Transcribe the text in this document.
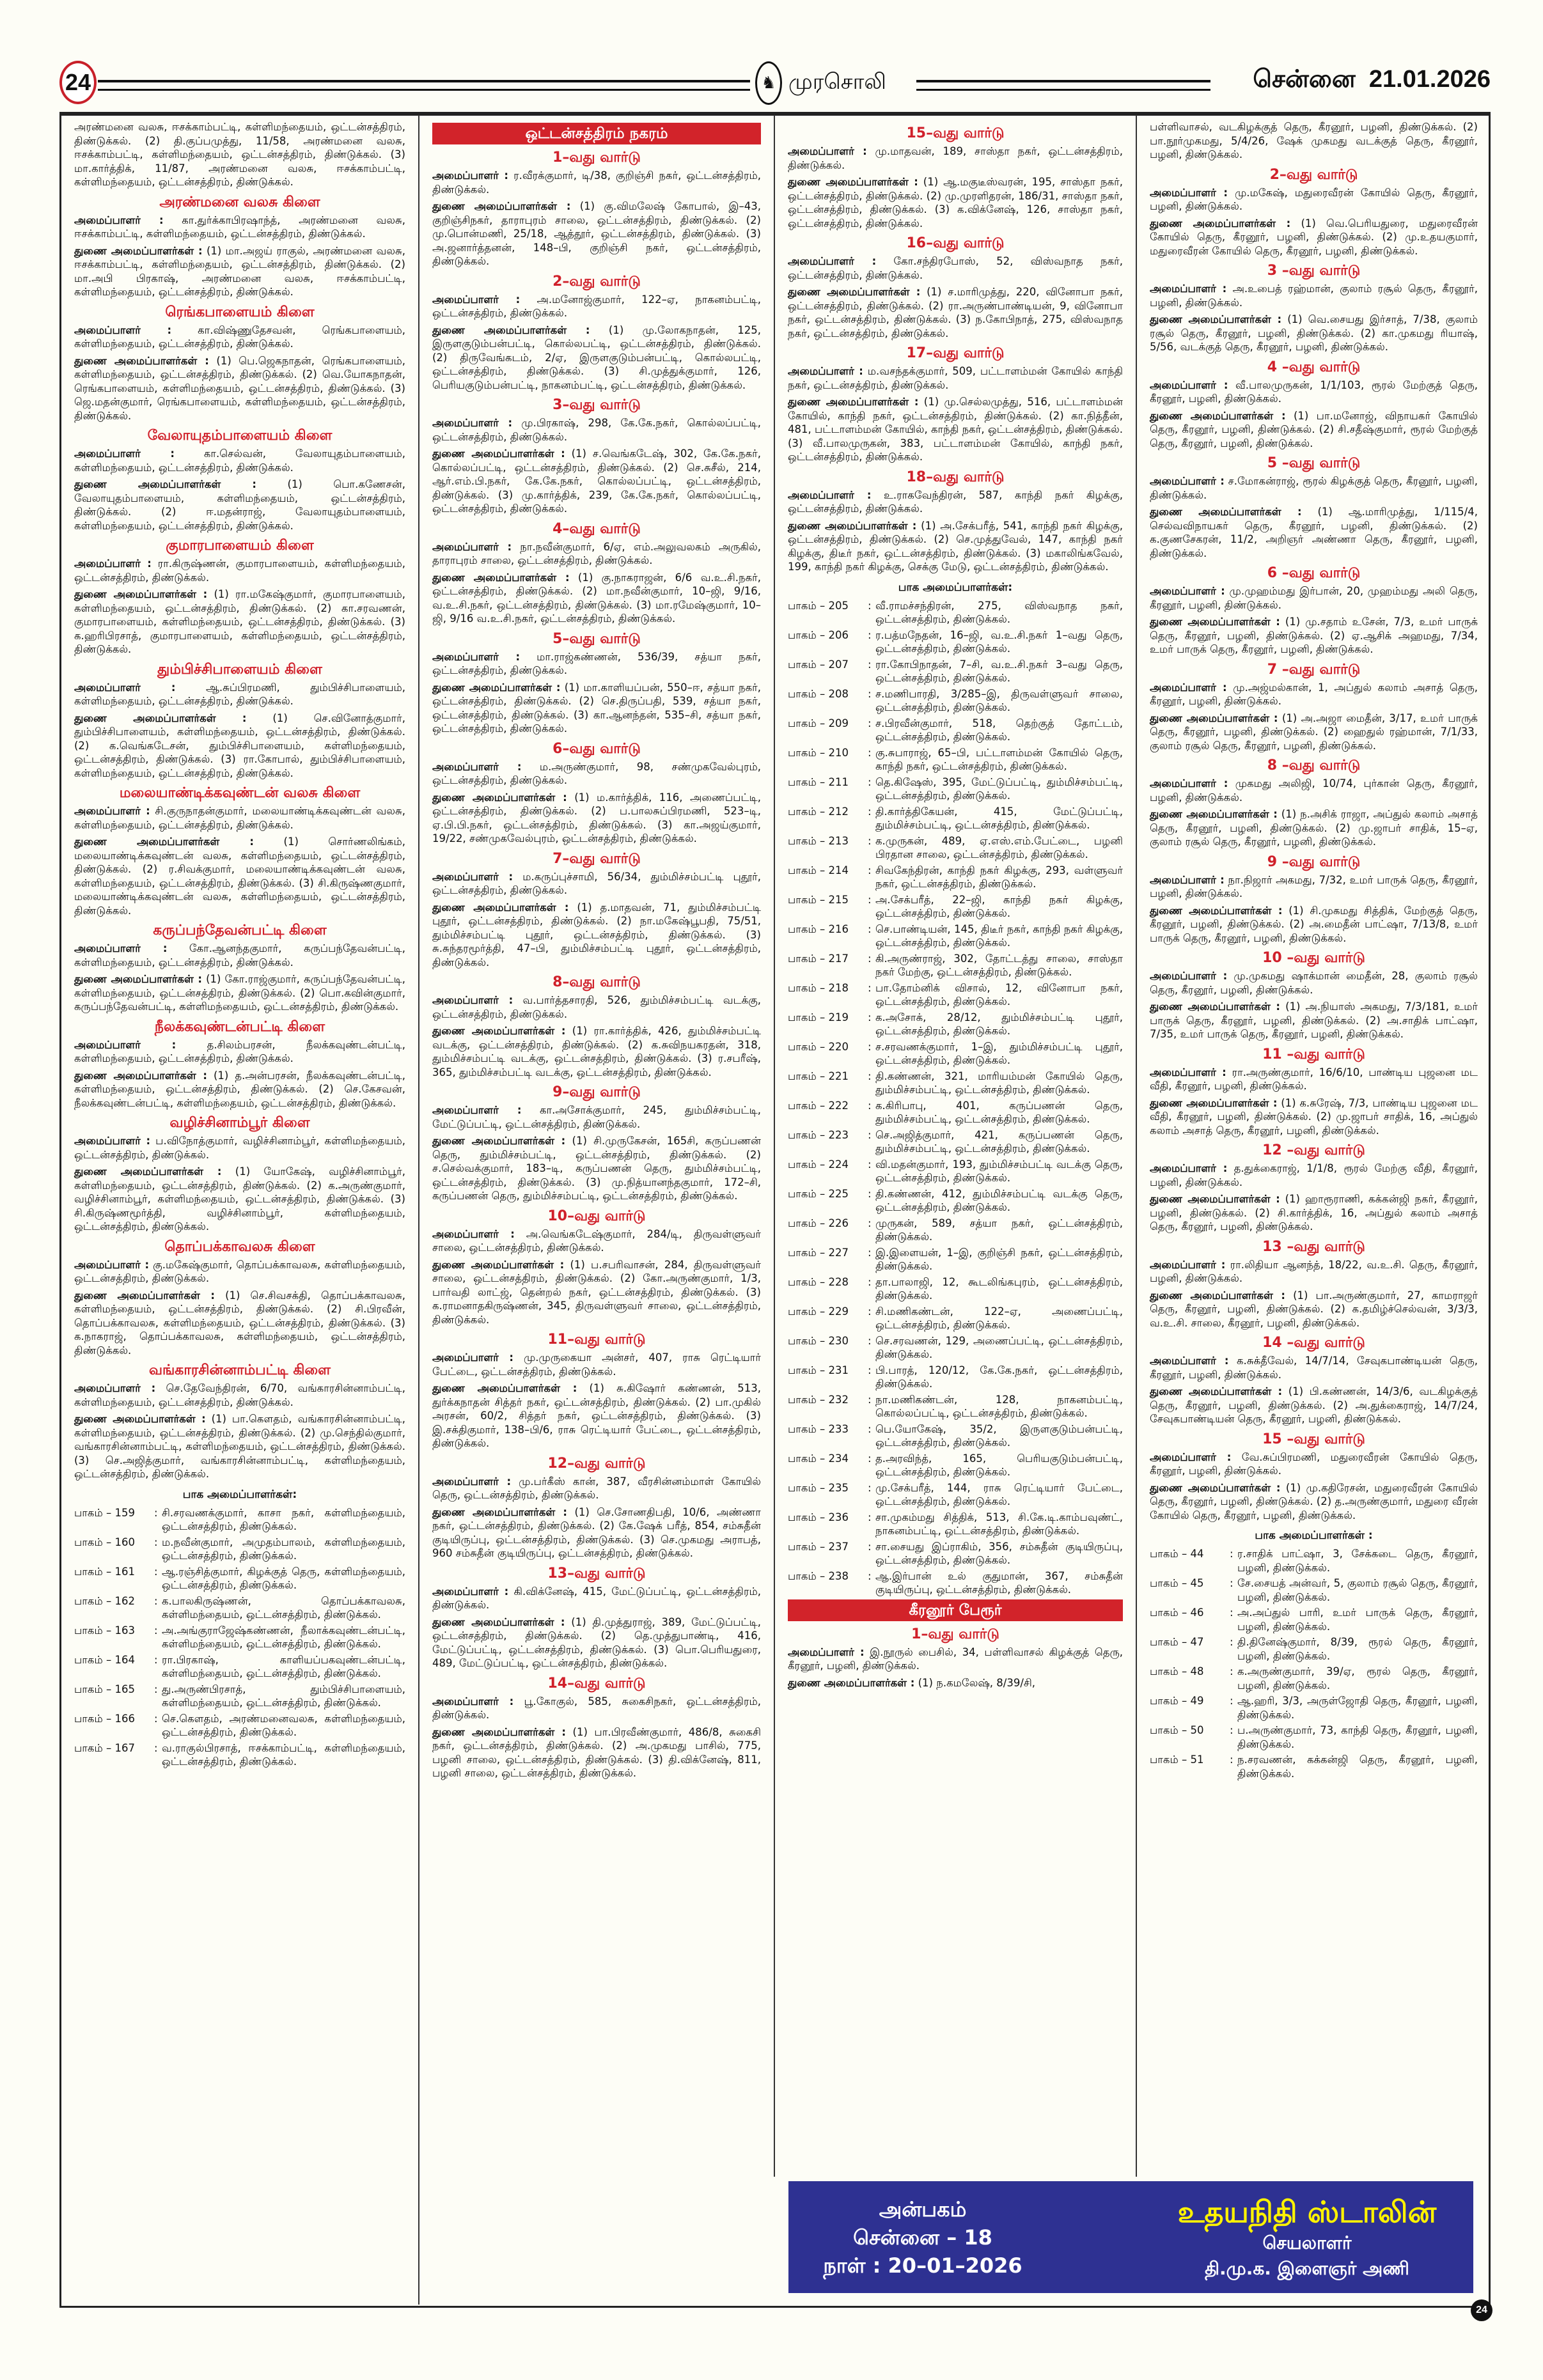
24	♞ முரசொலி	சென்னை 21.01.2026

அரண்மனை வலசு, ஈசக்காம்பட்டி, கள்ளிமந்தையம், ஒட்டன்சத்திரம், திண்டுக்கல். (2) தி.குப்பமுத்து, 11/58, அரண்மனை வலசு, ஈசக்காம்பட்டி, கள்ளிமந்தையம், ஒட்டன்சத்திரம், திண்டுக்கல். (3) மா.கார்த்திக், 11/87, அரண்மனை வலசு, ஈசக்காம்பட்டி, கள்ளிமந்தையம், ஒட்டன்சத்திரம், திண்டுக்கல்.

அரண்மனை வலசு கிளை

அமைப்பாளர் : கா.துர்க்காபிரஷாந்த், அரண்மனை வலசு, ஈசக்காம்பட்டி, கள்ளிமந்தையம், ஒட்டன்சத்திரம், திண்டுக்கல்.

துணை அமைப்பாளர்கள் : (1) மா.அஜய் ராகுல், அரண்மனை வலசு, ஈசக்காம்பட்டி, கள்ளிமந்தையம், ஒட்டன்சத்திரம், திண்டுக்கல். (2) மா.அபி பிரகாஷ், அரண்மனை வலசு, ஈசக்காம்பட்டி, கள்ளிமந்தையம், ஒட்டன்சத்திரம், திண்டுக்கல்.

ரெங்கபாளையம் கிளை

அமைப்பாளர் : கா.விஷ்ணுதேசவன், ரெங்கபாளையம், கள்ளிமந்தையம், ஒட்டன்சத்திரம், திண்டுக்கல்.

துணை அமைப்பாளர்கள் : (1) பெ.ஜெகநாதன், ரெங்கபாளையம், கள்ளிமந்தையம், ஒட்டன்சத்திரம், திண்டுக்கல். (2) வெ.யோகநாதன், ரெங்கபாளையம், கள்ளிமந்தையம், ஒட்டன்சத்திரம், திண்டுக்கல். (3) ஜெ.மதன்குமார், ரெங்கபாளையம், கள்ளிமந்தையம், ஒட்டன்சத்திரம், திண்டுக்கல்.

வேலாயுதம்பாளையம் கிளை

அமைப்பாளர் :	கா.செல்வன், வேலாயுதம்பாளையம், கள்ளிமந்தையம், ஒட்டன்சத்திரம், திண்டுக்கல்.

துணை அமைப்பாளர்கள் :	(1) பொ.கணேசன், வேலாயுதம்பாளையம், கள்ளிமந்தையம், ஒட்டன்சத்திரம், திண்டுக்கல். (2) ஈ.மதன்ராஜ், வேலாயுதம்பாளையம், கள்ளிமந்தையம், ஒட்டன்சத்திரம், திண்டுக்கல்.

குமாரபாளையம் கிளை

அமைப்பாளர் : ரா.கிருஷ்ணன், குமாரபாளையம், கள்ளிமந்தையம், ஒட்டன்சத்திரம், திண்டுக்கல்.

துணை அமைப்பாளர்கள் : (1) ரா.மகேஷ்குமார், குமாரபாளையம், கள்ளிமந்தையம், ஒட்டன்சத்திரம், திண்டுக்கல். (2) கா.சரவணன், குமாரபாளையம், கள்ளிமந்தையம், ஒட்டன்சத்திரம், திண்டுக்கல். (3) க.ஹரிபிரசாத், குமாரபாளையம், கள்ளிமந்தையம், ஒட்டன்சத்திரம், திண்டுக்கல்.

தும்பிச்சிபாளையம் கிளை

அமைப்பாளர் :	ஆ.சுப்பிரமணி, தும்பிச்சிபாளையம், கள்ளிமந்தையம், ஒட்டன்சத்திரம், திண்டுக்கல்.

துணை அமைப்பாளர்கள் : (1) செ.வினோத்குமார், தும்பிச்சிபாளையம், கள்ளிமந்தையம், ஒட்டன்சத்திரம், திண்டுக்கல். (2) க.வெங்கடேசன், தும்பிச்சிபாளையம், கள்ளிமந்தையம், ஒட்டன்சத்திரம், திண்டுக்கல். (3) ரா.கோபால், தும்பிச்சிபாளையம், கள்ளிமந்தையம், ஒட்டன்சத்திரம், திண்டுக்கல்.

மலையாண்டிக்கவுண்டன் வலசு கிளை

அமைப்பாளர் : சி.குருநாதன்குமார், மலையாண்டிக்கவுண்டன் வலசு, கள்ளிமந்தையம், ஒட்டன்சத்திரம், திண்டுக்கல்.

துணை அமைப்பாளர்கள் :	(1) சொர்ணலிங்கம், மலையாண்டிக்கவுண்டன் வலசு, கள்ளிமந்தையம், ஒட்டன்சத்திரம், திண்டுக்கல். (2) ர.சிவக்குமார், மலையாண்டிக்கவுண்டன் வலசு, கள்ளிமந்தையம், ஒட்டன்சத்திரம், திண்டுக்கல். (3) சி.கிருஷ்ணகுமார், மலையாண்டிக்கவுண்டன் வலசு, கள்ளிமந்தையம், ஒட்டன்சத்திரம், திண்டுக்கல்.

கருப்பந்தேவன்பட்டி கிளை

அமைப்பாளர் : கோ.ஆனந்தகுமார், கருப்பந்தேவன்பட்டி, கள்ளிமந்தையம், ஒட்டன்சத்திரம், திண்டுக்கல்.

துணை அமைப்பாளர்கள் : (1) கோ.ராஜ்குமார், கருப்பந்தேவன்பட்டி, கள்ளிமந்தையம், ஒட்டன்சத்திரம், திண்டுக்கல். (2) பொ.கவின்குமார், கருப்பந்தேவன்பட்டி, கள்ளிமந்தையம், ஒட்டன்சத்திரம், திண்டுக்கல்.

நீலக்கவுண்டன்பட்டி கிளை

அமைப்பாளர் :	த.சிலம்பரசன், நீலக்கவுண்டன்பட்டி, கள்ளிமந்தையம், ஒட்டன்சத்திரம், திண்டுக்கல்.

துணை அமைப்பாளர்கள் : (1) த.அன்பரசன், நீலக்கவுண்டன்பட்டி, கள்ளிமந்தையம், ஒட்டன்சத்திரம், திண்டுக்கல். (2) செ.கேசவன், நீலக்கவுண்டன்பட்டி, கள்ளிமந்தையம், ஒட்டன்சத்திரம், திண்டுக்கல்.

வழிச்சினாம்பூர் கிளை

அமைப்பாளர் : ப.விநோத்குமார், வழிச்சினாம்பூர், கள்ளிமந்தையம், ஒட்டன்சத்திரம், திண்டுக்கல்.

துணை அமைப்பாளர்கள் : (1) யோகேஷ், வழிச்சினாம்பூர், கள்ளிமந்தையம், ஒட்டன்சத்திரம், திண்டுக்கல். (2) க.அருண்குமார், வழிச்சினாம்பூர், கள்ளிமந்தையம், ஒட்டன்சத்திரம், திண்டுக்கல். (3) சி.கிருஷ்ணமூர்த்தி, வழிச்சினாம்பூர், கள்ளிமந்தையம், ஒட்டன்சத்திரம், திண்டுக்கல்.

தொப்பக்காவலசு கிளை

அமைப்பாளர் : கு.மகேஷ்குமார், தொப்பக்காவலசு, கள்ளிமந்தையம், ஒட்டன்சத்திரம், திண்டுக்கல்.

துணை அமைப்பாளர்கள் : (1) செ.சிவசக்தி, தொப்பக்காவலசு, கள்ளிமந்தையம், ஒட்டன்சத்திரம், திண்டுக்கல். (2) சி.பிரவீன், தொப்பக்காவலசு, கள்ளிமந்தையம், ஒட்டன்சத்திரம், திண்டுக்கல். (3) க.நாகராஜ், தொப்பக்காவலசு, கள்ளிமந்தையம், ஒட்டன்சத்திரம், திண்டுக்கல்.

வங்காரசின்னாம்பட்டி கிளை

அமைப்பாளர் : செ.தேவேந்திரன், 6/70, வங்காரசின்னாம்பட்டி, கள்ளிமந்தையம், ஒட்டன்சத்திரம், திண்டுக்கல்.

துணை அமைப்பாளர்கள் : (1) பா.கௌதம், வங்காரசின்னாம்பட்டி, கள்ளிமந்தையம், ஒட்டன்சத்திரம், திண்டுக்கல். (2) மு.செந்தில்குமார், வங்காரசின்னாம்பட்டி, கள்ளிமந்தையம், ஒட்டன்சத்திரம், திண்டுக்கல். (3) செ.அஜித்குமார், வங்காரசின்னாம்பட்டி, கள்ளிமந்தையம், ஒட்டன்சத்திரம், திண்டுக்கல்.

பாக அமைப்பாளர்கள்:
பாகம் – 159	: சி.சரவணக்குமார், காசா நகர், கள்ளிமந்தையம், ஒட்டன்சத்திரம், திண்டுக்கல்.
பாகம் – 160	: ம.நவீன்குமார், அமுதம்பாலம், கள்ளிமந்தையம், ஒட்டன்சத்திரம், திண்டுக்கல்.
பாகம் – 161	: ஆ.ரஞ்சித்குமார், கிழக்குத் தெரு, கள்ளிமந்தையம், ஒட்டன்சத்திரம், திண்டுக்கல்.
பாகம் – 162	: க.பாலகிருஷ்ணன், தொப்பக்காவலசு, கள்ளிமந்தையம், ஒட்டன்சத்திரம், திண்டுக்கல்.
பாகம் – 163	: அ.அங்குராஜேஷ்கண்ணன், நீலாக்கவுண்டன்பட்டி, கள்ளிமந்தையம், ஒட்டன்சத்திரம், திண்டுக்கல்.
பாகம் – 164	: ரா.பிரகாஷ், காளியப்பகவுண்டன்பட்டி, கள்ளிமந்தையம், ஒட்டன்சத்திரம், திண்டுக்கல்.
பாகம் – 165	: து.அருண்பிரசாத், தும்பிச்சிபாளையம், கள்ளிமந்தையம், ஒட்டன்சத்திரம், திண்டுக்கல்.
பாகம் – 166	: செ.கௌதம், அரண்மனைவலசு, கள்ளிமந்தையம், ஒட்டன்சத்திரம், திண்டுக்கல்.
பாகம் – 167	: வ.ராகுல்பிரசாத், ஈசக்காம்பட்டி, கள்ளிமந்தையம், ஒட்டன்சத்திரம், திண்டுக்கல்.
ஒட்டன்சத்திரம் நகரம்
1–வது வார்டு

அமைப்பாளர் : ர.வீரக்குமார், டி/38, குறிஞ்சி நகர், ஒட்டன்சத்திரம், திண்டுக்கல்.

துணை அமைப்பாளர்கள் : (1) கு.விமலேஷ் கோபால், இ–43, குறிஞ்சிநகர், தாராபுரம் சாலை, ஒட்டன்சத்திரம், திண்டுக்கல். (2) மு.பொன்மணி, 25/18, ஆத்தூர், ஒட்டன்சத்திரம், திண்டுக்கல். (3) அ.ஜனார்த்தனன், 148–பி, குறிஞ்சி நகர், ஒட்டன்சத்திரம், திண்டுக்கல்.

2–வது வார்டு

அமைப்பாளர் : அ.மனோஜ்குமார், 122–ஏ, நாகனம்பட்டி, ஒட்டன்சத்திரம், திண்டுக்கல்.

துணை அமைப்பாளர்கள் : (1) மு.லோகநாதன், 125, இருளகுடும்பன்பட்டி, கொல்லபட்டி, ஒட்டன்சத்திரம், திண்டுக்கல். (2) திருவேங்கடம், 2/ஏ, இருளகுடும்பன்பட்டி, கொல்லபட்டி, ஒட்டன்சத்திரம், திண்டுக்கல். (3) சி.முத்துக்குமார், 126, பெரியகுடும்பன்பட்டி, நாகனம்பட்டி, ஒட்டன்சத்திரம், திண்டுக்கல்.

3–வது வார்டு

அமைப்பாளர் : மு.பிரகாஷ், 298, கே.கே.நகர், கொல்லப்பட்டி, ஒட்டன்சத்திரம், திண்டுக்கல்.

துணை அமைப்பாளர்கள் : (1) ச.வெங்கடேஷ், 302, கே.கே.நகர், கொல்லப்பட்டி, ஒட்டன்சத்திரம், திண்டுக்கல். (2) செ.சுசீல், 214, ஆர்.எம்.பி.நகர், கே.கே.நகர், கொல்லப்பட்டி, ஒட்டன்சத்திரம், திண்டுக்கல். (3) மு.கார்த்திக், 239, கே.கே.நகர், கொல்லப்பட்டி, ஒட்டன்சத்திரம், திண்டுக்கல்.

4–வது வார்டு

அமைப்பாளர் : நா.நவீன்குமார், 6/ஏ, எம்.அலுவலகம் அருகில், தாராபுரம் சாலை, ஒட்டன்சத்திரம், திண்டுக்கல்.

துணை அமைப்பாளர்கள் : (1) கு.நாகராஜன், 6/6 வ.உ.சி.நகர், ஒட்டன்சத்திரம், திண்டுக்கல். (2) மா.நவீன்குமார், 10–ஜி, 9/16, வ.உ.சி.நகர், ஒட்டன்சத்திரம், திண்டுக்கல். (3) மா.ரமேஷ்குமார், 10–ஜி, 9/16 வ.உ.சி.நகர், ஒட்டன்சத்திரம், திண்டுக்கல்.

5–வது வார்டு

அமைப்பாளர் : மா.ராஜ்கண்ணன், 536/39, சத்யா நகர், ஒட்டன்சத்திரம், திண்டுக்கல்.

துணை அமைப்பாளர்கள் : (1) மா.காளியப்பன், 550–ஈ, சத்யா நகர், ஒட்டன்சத்திரம், திண்டுக்கல். (2) செ.திருப்பதி, 539, சத்யா நகர், ஒட்டன்சத்திரம், திண்டுக்கல். (3) கா.ஆனந்தன், 535–சி, சத்யா நகர், ஒட்டன்சத்திரம், திண்டுக்கல்.

6–வது வார்டு

அமைப்பாளர் : ம.அருண்குமார், 98, சண்முகவேல்புரம், ஒட்டன்சத்திரம், திண்டுக்கல்.

துணை அமைப்பாளர்கள் : (1) ம.கார்த்திக், 116, அணைப்பட்டி, ஒட்டன்சத்திரம், திண்டுக்கல். (2) ப.பாலசுப்பிரமணி, 523–டி, ஏ.பி.பி.நகர், ஒட்டன்சத்திரம், திண்டுக்கல். (3) கா.அஜய்குமார், 19/22, சண்முகவேல்புரம், ஒட்டன்சத்திரம், திண்டுக்கல்.

7–வது வார்டு

அமைப்பாளர் : ம.கருப்புச்சாமி, 56/34, தும்மிச்சம்பட்டி புதூர், ஒட்டன்சத்திரம், திண்டுக்கல்.

துணை அமைப்பாளர்கள் : (1) த.மாதவன், 71, தும்மிச்சம்பட்டி புதூர், ஒட்டன்சத்திரம், திண்டுக்கல். (2) நா.மகேஷ்பூபதி, 75/51, தும்மிச்சம்பட்டி புதூர், ஒட்டன்சத்திரம், திண்டுக்கல். (3) சு.சுந்தரமூர்த்தி, 47–பி, தும்மிச்சம்பட்டி புதூர், ஒட்டன்சத்திரம், திண்டுக்கல்.

8–வது வார்டு

அமைப்பாளர் : வ.பார்த்தசாரதி, 526, தும்மிச்சம்பட்டி வடக்கு, ஒட்டன்சத்திரம், திண்டுக்கல்.

துணை அமைப்பாளர்கள் : (1) ரா.கார்த்திக், 426, தும்மிச்சம்பட்டி வடக்கு, ஒட்டன்சத்திரம், திண்டுக்கல். (2) க.சுவிநயகரதன், 318, தும்மிச்சம்பட்டி வடக்கு, ஒட்டன்சத்திரம், திண்டுக்கல். (3) ர.சபரீஷ், 365, தும்மிச்சம்பட்டி வடக்கு, ஒட்டன்சத்திரம், திண்டுக்கல்.

9–வது வார்டு

அமைப்பாளர் : கா.அசோக்குமார், 245, தும்மிச்சம்பட்டி, மேட்டுப்பட்டி, ஒட்டன்சத்திரம், திண்டுக்கல்.

துணை அமைப்பாளர்கள் : (1) சி.முருகேசன், 165சி, கருப்பணன் தெரு, தும்மிச்சம்பட்டி, ஒட்டன்சத்திரம், திண்டுக்கல். (2) ச.செல்வக்குமார், 183–டி, கருப்பணன் தெரு, தும்மிச்சம்பட்டி, ஒட்டன்சத்திரம், திண்டுக்கல். (3) மு.நித்யானந்தகுமார், 172–சி, கருப்பணன் தெரு, தும்மிச்சம்பட்டி, ஒட்டன்சத்திரம், திண்டுக்கல்.

10–வது வார்டு

அமைப்பாளர் : அ.வெங்கடேஷ்குமார், 284/டி, திருவள்ளுவர் சாலை, ஒட்டன்சத்திரம், திண்டுக்கல்.

துணை அமைப்பாளர்கள் : (1) ப.சபரிவாசன், 284, திருவள்ளுவர் சாலை, ஒட்டன்சத்திரம், திண்டுக்கல். (2) கோ.அருண்குமார், 1/3, பார்வதி லாட்ஜ், தென்றல் நகர், ஒட்டன்சத்திரம், திண்டுக்கல். (3) க.ராமனாதகிருஷ்ணன், 345, திருவள்ளுவர் சாலை, ஒட்டன்சத்திரம், திண்டுக்கல்.

11–வது வார்டு

அமைப்பாளர் : மு.முருகையா அன்சர், 407, ராசு ரெட்டியார் பேட்டை, ஒட்டன்சத்திரம், திண்டுக்கல்.

துணை அமைப்பாளர்கள் : (1) சு.கிஷோர் கண்ணன், 513, துர்க்கநாதன் சித்தர் நகர், ஒட்டன்சத்திரம், திண்டுக்கல். (2) பா.முகில் அரசன், 60/2, சித்தர் நகர், ஒட்டன்சத்திரம், திண்டுக்கல். (3) இ.சக்திகுமார், 138–பி/6, ராசு ரெட்டியார் பேட்டை, ஒட்டன்சத்திரம், திண்டுக்கல்.

12–வது வார்டு

அமைப்பாளர் : மு.பர்கீஸ் கான், 387, வீரசின்னம்மாள் கோயில் தெரு, ஒட்டன்சத்திரம், திண்டுக்கல்.

துணை அமைப்பாளர்கள் : (1) செ.சோணதிபதி, 10/6, அண்ணா நகர், ஒட்டன்சத்திரம், திண்டுக்கல். (2) கே.ஷேக் பரீத், 854, சம்சுதீன் குடியிருப்பு, ஒட்டன்சத்திரம், திண்டுக்கல். (3) செ.முகமது அராபத், 960 சம்சுதீன் குடியிருப்பு, ஒட்டன்சத்திரம், திண்டுக்கல்.

13–வது வார்டு

அமைப்பாளர் : கி.விக்னேஷ், 415, மேட்டுப்பட்டி, ஒட்டன்சத்திரம், திண்டுக்கல்.

துணை அமைப்பாளர்கள் : (1) தி.முத்துராஜ், 389, மேட்டுப்பட்டி, ஒட்டன்சத்திரம், திண்டுக்கல். (2) தெ.முத்துபாண்டி, 416, மேட்டுப்பட்டி, ஒட்டன்சத்திரம், திண்டுக்கல். (3) பொ.பெரியதுரை, 489, மேட்டுப்பட்டி, ஒட்டன்சத்திரம், திண்டுக்கல்.

14–வது வார்டு

அமைப்பாளர் : பூ.கோகுல், 585, சுகைசிநகர், ஒட்டன்சத்திரம், திண்டுக்கல்.

துணை அமைப்பாளர்கள் : (1) பா.பிரவீண்குமார், 486/8, சுகைசி நகர், ஒட்டன்சத்திரம், திண்டுக்கல். (2) அ.முகமது பாசில், 775, பழனி சாலை, ஒட்டன்சத்திரம், திண்டுக்கல். (3) தி.விக்னேஷ், 811, பழனி சாலை, ஒட்டன்சத்திரம், திண்டுக்கல்.

15–வது வார்டு

அமைப்பாளர் : மு.மாதவன், 189, சாஸ்தா நகர், ஒட்டன்சத்திரம், திண்டுக்கல்.

துணை அமைப்பாளர்கள் : (1) ஆ.மகுடீஸ்வரன், 195, சாஸ்தா நகர், ஒட்டன்சத்திரம், திண்டுக்கல். (2) மு.முரளிதரன், 186/31, சாஸ்தா நகர், ஒட்டன்சத்திரம், திண்டுக்கல். (3) க.விக்னேஷ், 126, சாஸ்தா நகர், ஒட்டன்சத்திரம், திண்டுக்கல்.

16–வது வார்டு

அமைப்பாளர் : கோ.சந்திரபோஸ், 52, விஸ்வநாத நகர், ஒட்டன்சத்திரம், திண்டுக்கல்.

துணை அமைப்பாளர்கள் : (1) ச.மாரிமுத்து, 220, வினோபா நகர், ஒட்டன்சத்திரம், திண்டுக்கல். (2) ரா.அருண்பாண்டியன், 9, வினோபா நகர், ஒட்டன்சத்திரம், திண்டுக்கல். (3) ந.கோபிநாத், 275, விஸ்வநாத நகர், ஒட்டன்சத்திரம், திண்டுக்கல்.

17–வது வார்டு

அமைப்பாளர் : ம.வசந்தக்குமார், 509, பட்டாளம்மன் கோயில் காந்தி நகர், ஒட்டன்சத்திரம், திண்டுக்கல்.

துணை அமைப்பாளர்கள் : (1) மு.செல்லமுத்து, 516, பட்டாளம்மன் கோயில், காந்தி நகர், ஒட்டன்சத்திரம், திண்டுக்கல். (2) கா.நித்தீன், 481, பட்டாளம்மன் கோயில், காந்தி நகர், ஒட்டன்சத்திரம், திண்டுக்கல். (3) வீ.பாலமுருகன், 383, பட்டாளம்மன் கோயில், காந்தி நகர், ஒட்டன்சத்திரம், திண்டுக்கல்.

18–வது வார்டு

அமைப்பாளர் : உ.ராகவேந்திரன், 587, காந்தி நகர் கிழக்கு, ஒட்டன்சத்திரம், திண்டுக்கல்.

துணை அமைப்பாளர்கள் : (1) அ.சேக்பரீத், 541, காந்தி நகர் கிழக்கு, ஒட்டன்சத்திரம், திண்டுக்கல். (2) செ.முத்துவேல், 147, காந்தி நகர் கிழக்கு, திடீர் நகர், ஒட்டன்சத்திரம், திண்டுக்கல். (3) மகாலிங்கவேல், 199, காந்தி நகர் கிழக்கு, செக்கு மேடு, ஒட்டன்சத்திரம், திண்டுக்கல்.

பாக அமைப்பாளர்கள்:
பாகம் – 205	: வீ.ராமச்சந்திரன், 275, விஸ்வநாத நகர், ஒட்டன்சத்திரம், திண்டுக்கல்.
பாகம் – 206	: ர.பத்மநேதன், 16–ஜி, வ.உ.சி.நகர் 1–வது தெரு, ஒட்டன்சத்திரம், திண்டுக்கல்.
பாகம் – 207	: ரா.கோபிநாதன், 7–சி, வ.உ.சி.நகர் 3–வது தெரு, ஒட்டன்சத்திரம், திண்டுக்கல்.
பாகம் – 208	: ச.மணிபாரதி, 3/285–இ, திருவள்ளுவர் சாலை, ஒட்டன்சத்திரம், திண்டுக்கல்.
பாகம் – 209	: ச.பிரவீன்குமார், 518, தெற்குத் தோட்டம், ஒட்டன்சத்திரம், திண்டுக்கல்.
பாகம் – 210	: கு.சுபாராஜ், 65–பி, பட்டாளம்மன் கோயில் தெரு, காந்தி நகர், ஒட்டன்சத்திரம், திண்டுக்கல்.
பாகம் – 211	: தெ.கிஷேஸ், 395, மேட்டுப்பட்டி, தும்மிச்சம்பட்டி, ஒட்டன்சத்திரம், திண்டுக்கல்.
பாகம் – 212	: தி.கார்த்திகேயன், 415, மேட்டுப்பட்டி, தும்மிச்சம்பட்டி, ஒட்டன்சத்திரம், திண்டுக்கல்.
பாகம் – 213	: க.முருகன், 489, ஏ.எஸ்.எம்.பேட்டை, பழனி பிரதான சாலை, ஒட்டன்சத்திரம், திண்டுக்கல்.
பாகம் – 214	: சிவகேந்திரன், காந்தி நகர் கிழக்கு, 293, வள்ளுவர் நகர், ஒட்டன்சத்திரம், திண்டுக்கல்.
பாகம் – 215	: அ.சேக்பரீத், 22–ஜி, காந்தி நகர் கிழக்கு, ஒட்டன்சத்திரம், திண்டுக்கல்.
பாகம் – 216	: செ.பாண்டியன், 145, திடீர் நகர், காந்தி நகர் கிழக்கு, ஒட்டன்சத்திரம், திண்டுக்கல்.
பாகம் – 217	: கி.அருண்ராஜ், 302, தோட்டத்து சாலை, சாஸ்தா நகர் மேற்கு, ஒட்டன்சத்திரம், திண்டுக்கல்.
பாகம் – 218	: பா.தோம்னிக் விசால், 12, வினோபா நகர், ஒட்டன்சத்திரம், திண்டுக்கல்.
பாகம் – 219	: க.அசோக், 28/12, தும்மிச்சம்பட்டி புதூர், ஒட்டன்சத்திரம், திண்டுக்கல்.
பாகம் – 220	: ச.சரவணக்குமார், 1–இ, தும்மிச்சம்பட்டி புதூர், ஒட்டன்சத்திரம், திண்டுக்கல்.
பாகம் – 221	: தி.கண்ணன், 321, மாரியம்மன் கோயில் தெரு, தும்மிச்சம்பட்டி, ஒட்டன்சத்திரம், திண்டுக்கல்.
பாகம் – 222	: க.கிரிபாபு, 401, கருப்பணன் தெரு, தும்மிச்சம்பட்டி, ஒட்டன்சத்திரம், திண்டுக்கல்.
பாகம் – 223	: செ.அஜித்குமார், 421, கருப்பணன் தெரு, தும்மிச்சம்பட்டி, ஒட்டன்சத்திரம், திண்டுக்கல்.
பாகம் – 224	: வி.மதன்குமார், 193, தும்மிச்சம்பட்டி வடக்கு தெரு, ஒட்டன்சத்திரம், திண்டுக்கல்.
பாகம் – 225	: தி.கண்ணன், 412, தும்மிச்சம்பட்டி வடக்கு தெரு, ஒட்டன்சத்திரம், திண்டுக்கல்.
பாகம் – 226	: முருகன், 589, சத்யா நகர், ஒட்டன்சத்திரம், திண்டுக்கல்.
பாகம் – 227	: இ.இளையன், 1–இ, குறிஞ்சி நகர், ஒட்டன்சத்திரம், திண்டுக்கல்.
பாகம் – 228	: தா.பாலாஜி, 12, கூடலிங்கபுரம், ஒட்டன்சத்திரம், திண்டுக்கல்.
பாகம் – 229	: சி.மணிகண்டன், 122–ஏ, அணைப்பட்டி, ஒட்டன்சத்திரம், திண்டுக்கல்.
பாகம் – 230	: செ.சரவணன், 129, அணைப்பட்டி, ஒட்டன்சத்திரம், திண்டுக்கல்.
பாகம் – 231	: பி.பாரத், 120/12, கே.கே.நகர், ஒட்டன்சத்திரம், திண்டுக்கல்.
பாகம் – 232	: நா.மணிகண்டன், 128, நாகனம்பட்டி, கொல்லப்பட்டி, ஒட்டன்சத்திரம், திண்டுக்கல்.
பாகம் – 233	: பெ.யோகேஷ், 35/2, இருளகுடும்பன்பட்டி, ஒட்டன்சத்திரம், திண்டுக்கல்.
பாகம் – 234	: த.அரவிந்த், 165, பெரியகுடும்பன்பட்டி, ஒட்டன்சத்திரம், திண்டுக்கல்.
பாகம் – 235	: மு.சேக்பரீத், 144, ராசு ரெட்டியார் பேட்டை, ஒட்டன்சத்திரம், திண்டுக்கல்.
பாகம் – 236	: சா.முகம்மது சித்திக், 513, சி.கே.டி.காம்பவுண்ட், நாகனம்பட்டி, ஒட்டன்சத்திரம், திண்டுக்கல்.
பாகம் – 237	: சா.சையது இப்ராகிம், 356, சம்சுதீன் குடியிருப்பு, ஒட்டன்சத்திரம், திண்டுக்கல்.
பாகம் – 238	: ஆ.இர்பான் உல் குதுமான், 367, சம்சுதீன் குடியிருப்பு, ஒட்டன்சத்திரம், திண்டுக்கல்.
கீரனூர் பேரூர்
1–வது வார்டு

அமைப்பாளர் : இ.நூருல் பைசில், 34, பள்ளிவாசல் கிழக்குத் தெரு, கீரனூர், பழனி, திண்டுக்கல்.

துணை அமைப்பாளர்கள் : (1) ந.கமலேஷ், 8/39/சி,

பள்ளிவாசல், வடகிழக்குத் தெரு, கீரனூர், பழனி, திண்டுக்கல். (2) பா.நூர்முகமது, 5/4/26, ஷேக் முகமது வடக்குத் தெரு, கீரனூர், பழனி, திண்டுக்கல்.

2–வது வார்டு

அமைப்பாளர் : மு.மகேஷ், மதுரைவீரன் கோயில் தெரு, கீரனூர், பழனி, திண்டுக்கல்.

துணை அமைப்பாளர்கள் : (1) வெ.பெரியதுரை, மதுரைவீரன் கோயில் தெரு, கீரனூர், பழனி, திண்டுக்கல். (2) மு.உதயகுமார், மதுரைவீரன் கோயில் தெரு, கீரனூர், பழனி, திண்டுக்கல்.

3 –வது வார்டு

அமைப்பாளர் : அ.உபைத் ரஹ்மான், குலாம் ரசூல் தெரு, கீரனூர், பழனி, திண்டுக்கல்.

துணை அமைப்பாளர்கள் : (1) வெ.சையது இர்சாத், 7/38, குலாம் ரசூல் தெரு, கீரனூர், பழனி, திண்டுக்கல். (2) கா.முகமது ரியாஷ், 5/56, வடக்குத் தெரு, கீரனூர், பழனி, திண்டுக்கல்.

4 –வது வார்டு

அமைப்பாளர் : வீ.பாலமுருகன், 1/1/103, ரூரல் மேற்குத் தெரு, கீரனூர், பழனி, திண்டுக்கல்.

துணை அமைப்பாளர்கள் : (1) பா.மனோஜ், விநாயகர் கோயில் தெரு, கீரனூர், பழனி, திண்டுக்கல். (2) சி.சதீஷ்குமார், ரூரல் மேற்குத் தெரு, கீரனூர், பழனி, திண்டுக்கல்.

5 –வது வார்டு

அமைப்பாளர் : ச.மோகன்ராஜ், ரூரல் கிழக்குத் தெரு, கீரனூர், பழனி, திண்டுக்கல்.

துணை அமைப்பாளர்கள் : (1) ஆ.மாரிமுத்து, 1/115/4, செல்வவிநாயகர் தெரு, கீரனூர், பழனி, திண்டுக்கல். (2) க.குணசேகரன், 11/2, அறிஞர் அண்ணா தெரு, கீரனூர், பழனி, திண்டுக்கல்.

6 –வது வார்டு

அமைப்பாளர் : மு.முஹம்மது இர்பான், 20, முஹம்மது அலி தெரு, கீரனூர், பழனி, திண்டுக்கல்.

துணை அமைப்பாளர்கள் : (1) மு.சதாம் உசேன், 7/3, உமர் பாருக் தெரு, கீரனூர், பழனி, திண்டுக்கல். (2) ஏ.ஆசிக் அஹமது, 7/34, உமர் பாருக் தெரு, கீரனூர், பழனி, திண்டுக்கல்.

7 –வது வார்டு

அமைப்பாளர் : மு.அஜ்மல்கான், 1, அப்துல் கலாம் அசாத் தெரு, கீரனூர், பழனி, திண்டுக்கல்.

துணை அமைப்பாளர்கள் : (1) அ.அஜா மைதீன், 3/17, உமர் பாருக் தெரு, கீரனூர், பழனி, திண்டுக்கல். (2) ஹைதுல் ரஹ்மான், 7/1/33, குலாம் ரசூல் தெரு, கீரனூர், பழனி, திண்டுக்கல்.

8 –வது வார்டு

அமைப்பாளர் : முகமது அலிஜி, 10/74, புர்கான் தெரு, கீரனூர், பழனி, திண்டுக்கல்.

துணை அமைப்பாளர்கள் : (1) ந.அசிக் ராஜா, அப்துல் கலாம் அசாத் தெரு, கீரனூர், பழனி, திண்டுக்கல். (2) மு.ஜாபர் சாதிக், 15–ஏ, குலாம் ரசூல் தெரு, கீரனூர், பழனி, திண்டுக்கல்.

9 –வது வார்டு

அமைப்பாளர் : நா.நிஜார் அகமது, 7/32, உமர் பாருக் தெரு, கீரனூர், பழனி, திண்டுக்கல்.

துணை அமைப்பாளர்கள் : (1) சி.முகமது சித்திக், மேற்குத் தெரு, கீரனூர், பழனி, திண்டுக்கல். (2) அ.மைதீன் பாட்ஷா, 7/13/8, உமர் பாருக் தெரு, கீரனூர், பழனி, திண்டுக்கல்.

10 –வது வார்டு

அமைப்பாளர் : மு.முகமது ஷாக்மான் மைதீன், 28, குலாம் ரசூல் தெரு, கீரனூர், பழனி, திண்டுக்கல்.

துணை அமைப்பாளர்கள் : (1) அ.நியாஸ் அகமது, 7/3/181, உமர் பாருக் தெரு, கீரனூர், பழனி, திண்டுக்கல். (2) அ.சாதிக் பாட்ஷா, 7/35, உமர் பாருக் தெரு, கீரனூர், பழனி, திண்டுக்கல்.

11 –வது வார்டு

அமைப்பாளர் : ரா.அருண்குமார், 16/6/10, பாண்டிய புஜனை மட வீதி, கீரனூர், பழனி, திண்டுக்கல்.

துணை அமைப்பாளர்கள் : (1) க.சுரேஷ், 7/3, பாண்டிய புஜனை மட வீதி, கீரனூர், பழனி, திண்டுக்கல். (2) மு.ஜாபர் சாதிக், 16, அப்துல் கலாம் அசாத் தெரு, கீரனூர், பழனி, திண்டுக்கல்.

12 –வது வார்டு

அமைப்பாளர் : த.துக்கைராஜ், 1/1/8, ரூரல் மேற்கு வீதி, கீரனூர், பழனி, திண்டுக்கல்.

துணை அமைப்பாளர்கள் : (1) ஹாரூராணி, கக்கன்ஜி நகர், கீரனூர், பழனி, திண்டுக்கல். (2) சி.கார்த்திக், 16, அப்துல் கலாம் அசாத் தெரு, கீரனூர், பழனி, திண்டுக்கல்.

13 –வது வார்டு

அமைப்பாளர் : ரா.லிதியா ஆனந்த், 18/22, வ.உ.சி. தெரு, கீரனூர், பழனி, திண்டுக்கல்.

துணை அமைப்பாளர்கள் : (1) பா.அருண்குமார், 27, காமராஜர் தெரு, கீரனூர், பழனி, திண்டுக்கல். (2) க.தமிழ்ச்செல்வன், 3/3/3, வ.உ.சி. சாலை, கீரனூர், பழனி, திண்டுக்கல்.

14 –வது வார்டு

அமைப்பாளர் : க.சுக்தீவேல், 14/7/14, சேவுகபாண்டியன் தெரு, கீரனூர், பழனி, திண்டுக்கல்.

துணை அமைப்பாளர்கள் : (1) பி.கண்ணன், 14/3/6, வடகிழக்குத் தெரு, கீரனூர், பழனி, திண்டுக்கல். (2) அ.துக்கைராஜ், 14/7/24, சேவுகபாண்டியன் தெரு, கீரனூர், பழனி, திண்டுக்கல்.

15 –வது வார்டு

அமைப்பாளர் : வே.சுப்பிரமணி, மதுரைவீரன் கோயில் தெரு, கீரனூர், பழனி, திண்டுக்கல்.

துணை அமைப்பாளர்கள் : (1) மு.கதிரேசன், மதுரைவீரன் கோயில் தெரு, கீரனூர், பழனி, திண்டுக்கல். (2) த.அருண்குமார், மதுரை வீரன் கோயில் தெரு, கீரனூர், பழனி, திண்டுக்கல்.

பாக அமைப்பாளர்கள் :
பாகம் – 44	: ர.சாதிக் பாட்ஷா, 3, சேக்கடை தெரு, கீரனூர், பழனி, திண்டுக்கல்.
பாகம் – 45	: சே.சையத் அன்வர், 5, குலாம் ரசூல் தெரு, கீரனூர், பழனி, திண்டுக்கல்.
பாகம் – 46	: அ.அப்துல் பாரி, உமர் பாருக் தெரு, கீரனூர், பழனி, திண்டுக்கல்.
பாகம் – 47	: தி.தினேஷ்குமார், 8/39, ரூரல் தெரு, கீரனூர், பழனி, திண்டுக்கல்.
பாகம் – 48	: க.அருண்குமார், 39/ஏ, ரூரல் தெரு, கீரனூர், பழனி, திண்டுக்கல்.
பாகம் – 49	: ஆ.ஹரி, 3/3, அருள்ஜோதி தெரு, கீரனூர், பழனி, திண்டுக்கல்.
பாகம் – 50	: ப.அருண்குமார், 73, காந்தி தெரு, கீரனூர், பழனி, திண்டுக்கல்.
பாகம் – 51	: ந.சரவணன், கக்கன்ஜி தெரு, கீரனூர், பழனி, திண்டுக்கல்.
அன்பகம்
சென்னை – 18
நாள் : 20–01–2026
உதயநிதி ஸ்டாலின்
செயலாளர்
தி.மு.க. இளைஞர் அணி
24
